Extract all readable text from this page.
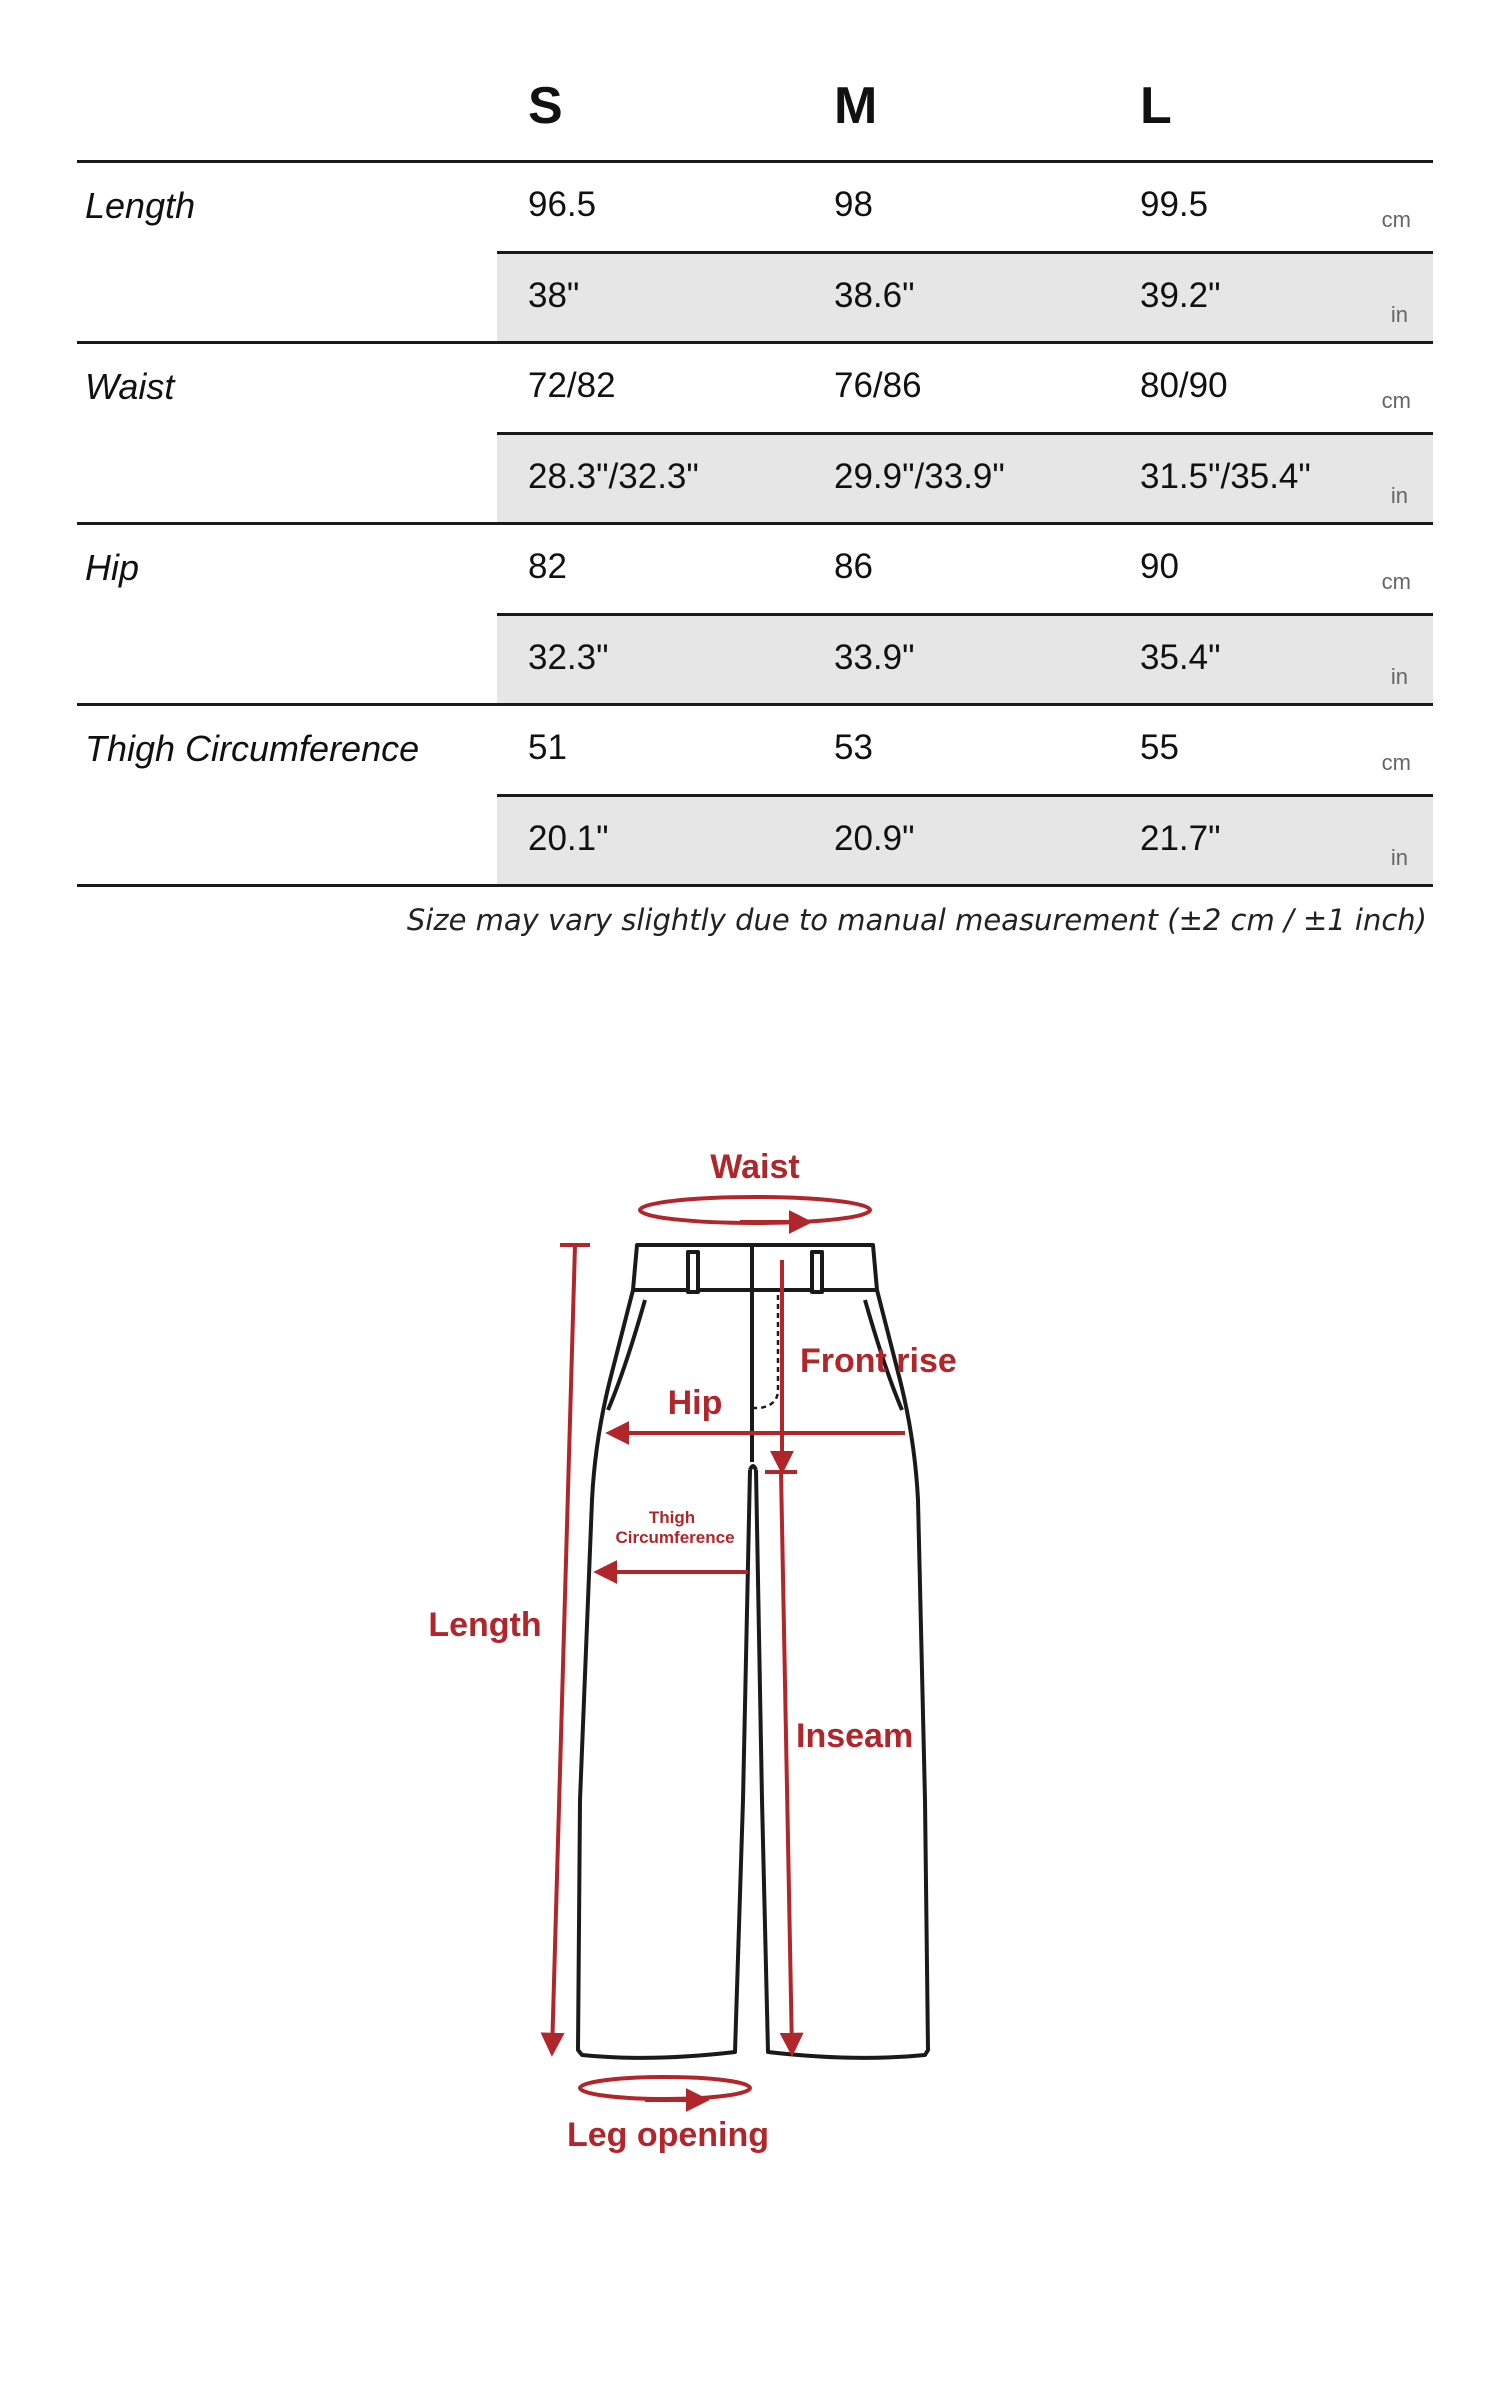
S	M	L
Length	96.5	98	99.5	cm
38"	38.6"	39.2"	in
Waist	72/82	76/86	80/90	cm
28.3"/32.3"	29.9"/33.9"	31.5"/35.4"	in
Hip	82	86	90	cm
32.3"	33.9"	35.4"	in
Thigh Circumference	51	53	55	cm
20.1"	20.9"	21.7"	in
Size may vary slightly due to manual measurement (±2 cm / ±1 inch)
Waist
Front rise
Hip
Thigh
Circumference
Length
Inseam
Leg opening
